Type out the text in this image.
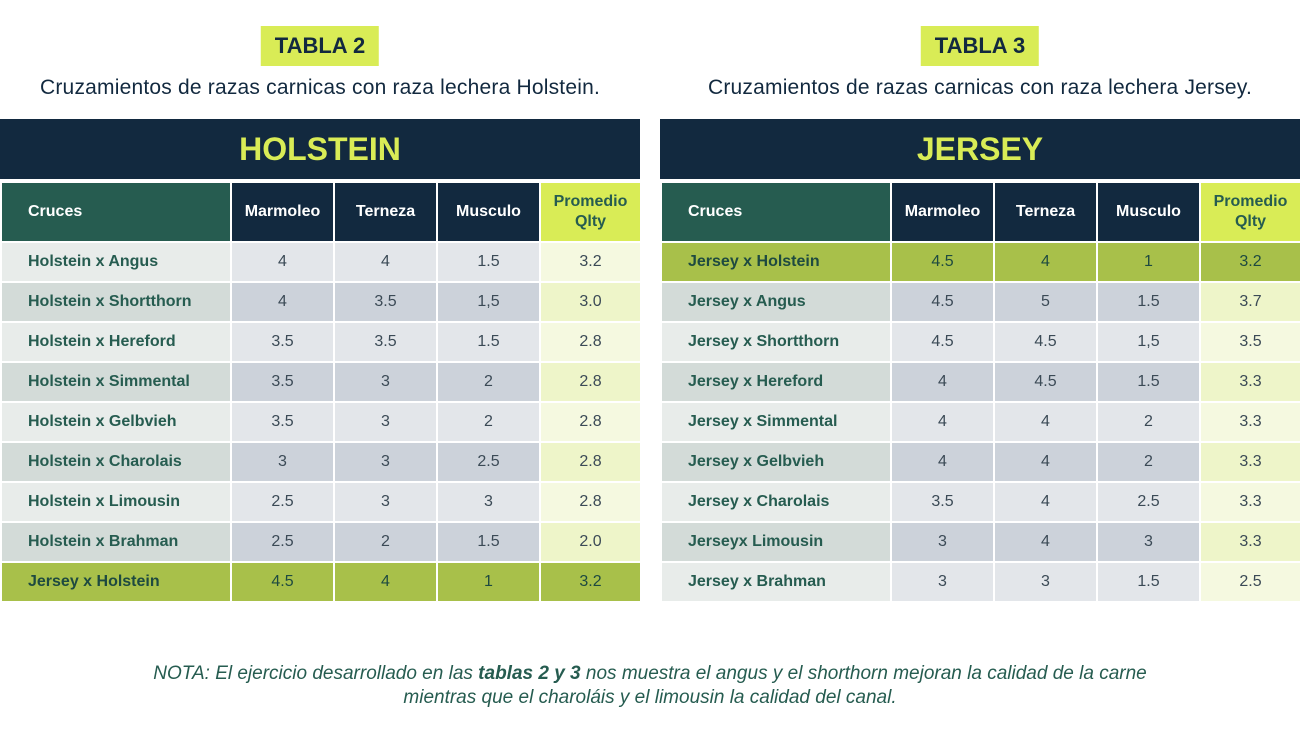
TABLA 2
Cruzamientos de razas carnicas con raza lechera Holstein.
HOLSTEIN
Cruces	Marmoleo	Terneza	Musculo	Promedio
Qlty
Holstein x Angus	4	4	1.5	3.2
Holstein x Shortthorn	4	3.5	1,5	3.0
Holstein x Hereford	3.5	3.5	1.5	2.8
Holstein x Simmental	3.5	3	2	2.8
Holstein x Gelbvieh	3.5	3	2	2.8
Holstein x Charolais	3	3	2.5	2.8
Holstein x Limousin	2.5	3	3	2.8
Holstein x Brahman	2.5	2	1.5	2.0
Jersey x Holstein	4.5	4	1	3.2
TABLA 3
Cruzamientos de razas carnicas con raza lechera Jersey.
JERSEY
Cruces	Marmoleo	Terneza	Musculo	Promedio
Qlty
Jersey x Holstein	4.5	4	1	3.2
Jersey x Angus	4.5	5	1.5	3.7
Jersey x Shortthorn	4.5	4.5	1,5	3.5
Jersey x Hereford	4	4.5	1.5	3.3
Jersey x Simmental	4	4	2	3.3
Jersey x Gelbvieh	4	4	2	3.3
Jersey x Charolais	3.5	4	2.5	3.3
Jerseyx Limousin	3	4	3	3.3
Jersey x Brahman	3	3	1.5	2.5
NOTA: El ejercicio desarrollado en las tablas 2 y 3 nos muestra el angus y el shorthorn mejoran la calidad de la carne
mientras que el charoláis y el limousin la calidad del canal.
